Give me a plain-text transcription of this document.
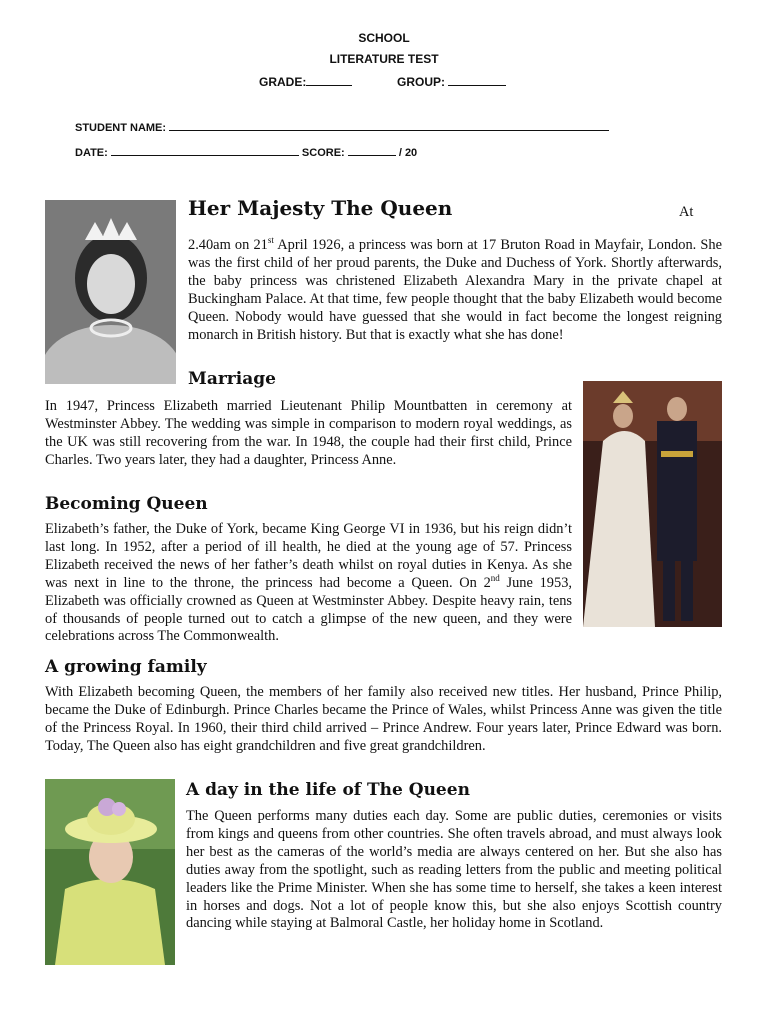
SCHOOL
LITERATURE TEST
GRADE:	GROUP:
STUDENT NAME:
DATE:	SCORE:	/ 20
Her Majesty The Queen	At

2.40am on 21st April 1926, a princess was born at 17 Bruton Road in Mayfair, London. She was the first child of her proud parents, the Duke and Duchess of York. Shortly afterwards, the baby princess was christened Elizabeth Alexandra Mary in the private chapel at Buckingham Palace. At that time, few people thought that the baby Elizabeth would become Queen. Nobody would have guessed that she would in fact become the longest reigning monarch in British history. But that is exactly what she has done!

Marriage

In 1947, Princess Elizabeth married Lieutenant Philip Mountbatten in ceremony at Westminster Abbey. The wedding was simple in comparison to modern royal weddings, as the UK was still recovering from the war. In 1948, the couple had their first child, Prince Charles. Two years later, they had a daughter, Princess Anne.

Becoming Queen

Elizabeth’s father, the Duke of York, became King George VI in 1936, but his reign didn’t last long. In 1952, after a period of ill health, he died at the young age of 57. Princess Elizabeth received the news of her father’s death whilst on royal duties in Kenya. As she was next in line to the throne, the princess had become a Queen. On 2nd June 1953, Elizabeth was officially crowned as Queen at Westminster Abbey. Despite heavy rain, tens of thousands of people turned out to catch a glimpse of the new queen, and they were celebrations across The Commonwealth.

A growing family

With Elizabeth becoming Queen, the members of her family also received new titles. Her husband, Prince Philip, became the Duke of Edinburgh. Prince Charles became the Prince of Wales, whilst Princess Anne was given the title of the Princess Royal. In 1960, their third child arrived – Prince Andrew. Four years later, Prince Edward was born. Today, The Queen also has eight grandchildren and five great grandchildren.

A day in the life of The Queen

The Queen performs many duties each day. Some are public duties, ceremonies or visits from kings and queens from other countries. She often travels abroad, and must always look her best as the cameras of the world’s media are always centered on her. But she also has duties away from the spotlight, such as reading letters from the public and meeting political leaders like the Prime Minister. When she has some time to herself, she takes a keen interest in horses and dogs. Not a lot of people know this, but she also enjoys Scottish country dancing while staying at Balmoral Castle, her holiday home in Scotland.
